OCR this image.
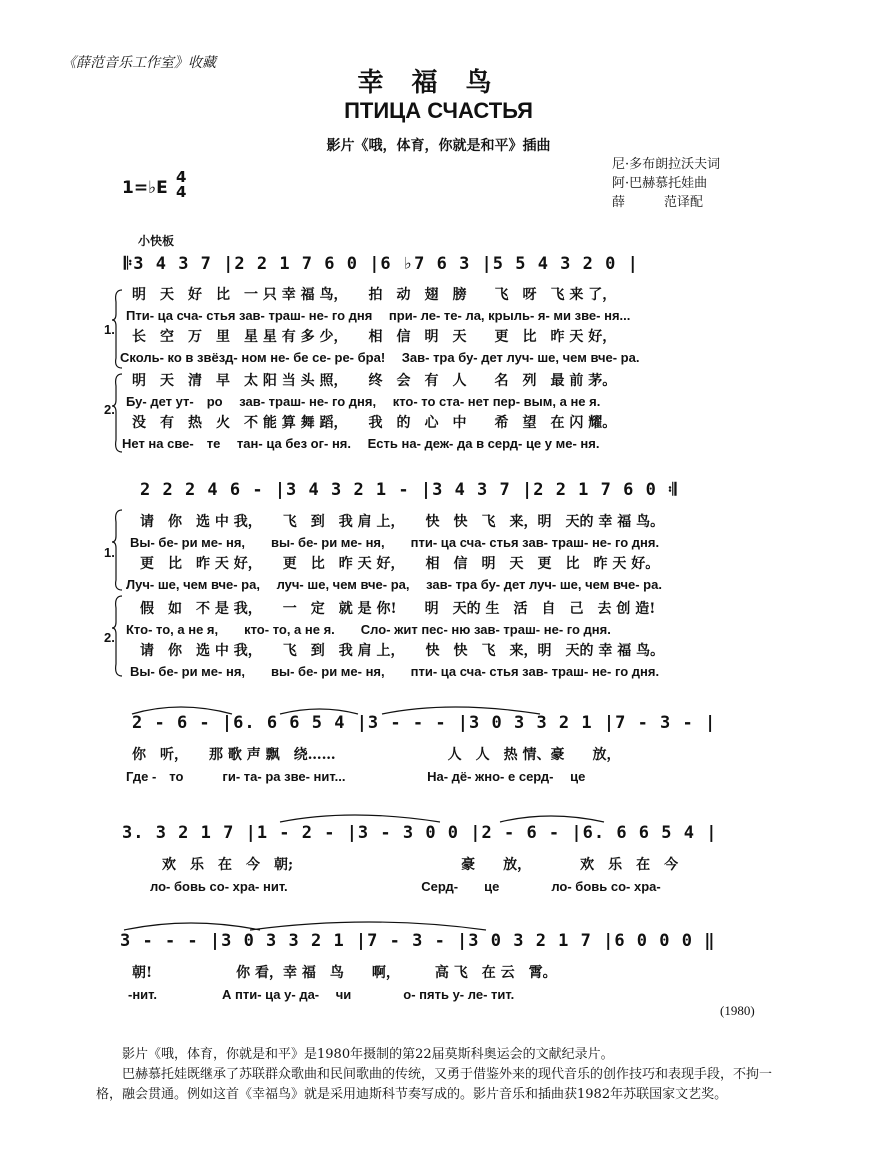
《薛范音乐工作室》收藏
幸福鸟
ПТИЦА СЧАСТЬЯ
影片《哦，体育，你就是和平》插曲
尼·多布朗拉沃夫词
阿·巴赫慕托娃曲
薛　　　范译配
1=♭E
4
4
小快板
𝄆3 4 3 7 |2 2 1 7 6 0 |6 ♭7 6 3 |5 5 4 3 2 0 |
1.
明　天　好　比　一 只 幸 福 鸟，　　拍　动　翅　膀　　飞　呀　飞 来 了，
Пти- ца сча- стья зав- траш- не- го дня　 при- ле- те- ла, крыль- я- ми зве- ня...
长　空　万　里　星 星 有 多 少，　　相　信　明　天　　更　比　昨 天 好，
Сколь- ко в звёзд- ном не- бе се- ре- бра!　 Зав- тра бу- дет луч- ше, чем вче- ра.
2.
明　天　清　早　太 阳 当 头 照，　　终　会　有　人　　名　列　最 前 茅。
Бу- дет ут-　ро　 зав- траш- не- го дня,　 кто- то ста- нет пер- вым, а не я.
没　有　热　火　不 能 算 舞 蹈，　　我　的　心　中　　希　望　在 闪 耀。
Нет на све-　те　 тан- ца без ог- ня.　 Есть на- деж- да в серд- це у ме- ня.
2 2 2 4 6 - |3 4 3 2 1 - |3 4 3 7 |2 2 1 7 6 0 𝄇
1.
请　你　选 中 我，　　飞　到　我 肩 上，　　快　快　飞　来，明　天的 幸 福 鸟。
Вы- бе- ри ме- ня,　　вы- бе- ри ме- ня,　　пти- ца сча- стья зав- траш- не- го дня.
更　比　昨 天 好，　　更　比　昨 天 好，　　相　信　明　天　更　比　昨 天 好。
Луч- ше, чем вче- ра,　 луч- ше, чем вче- ра,　 зав- тра бу- дет луч- ше, чем вче- ра.
2.
假　如　不 是 我，　　一　定　就 是 你!　　明　天的 生　活　自　己　去 创 造!
Кто- то, а не я,　　кто- то, а не я.　　Сло- жит пес- ню зав- траш- не- го дня.
请　你　选 中 我，　　飞　到　我 肩 上，　　快　快　飞　来，明　天的 幸 福 鸟。
Вы- бе- ри ме- ня,　　вы- бе- ри ме- ня,　　пти- ца сча- стья зав- траш- не- го дня.
2 - 6 - |6. 6 6 5 4 |3 - - - |3 0 3 3 2 1 |7 - 3 - |
你　听，　　那 歌 声 飘　绕……　　　　　　　　人　人　热 情、豪　　放，
Где -　то　　　ги- та- ра зве- нит...　　　　　　 На- дё- жно- е серд-　 це
3. 3 2 1 7 |1 - 2 - |3 - 3 0 0 |2 - 6 - |6. 6 6 5 4 |
欢　乐　在　今　朝;　　　　　　　　　　　　豪　　放，　　　　欢　乐　在　今
ло- бовь со- хра- нит.　　　　　　　　　　 Серд-　　це　　　　ло- бовь со- хра-
3 - - - |3 0 3 3 2 1 |7 - 3 - |3 0 3 2 1 7 |6 0 0 0 ‖
朝!　　　　　　你 看，幸 福　鸟　　啊，　　　高 飞　在 云　霄。
-нит.　　　　　А пти- ца у- да-　 чи　　　　о- пять у- ле- тит.
(1980)

影片《哦，体育，你就是和平》是1980年摄制的第22届莫斯科奥运会的文献纪录片。

巴赫慕托娃既继承了苏联群众歌曲和民间歌曲的传统，又勇于借鉴外来的现代音乐的创作技巧和表现手段，不拘一格，融会贯通。例如这首《幸福鸟》就是采用迪斯科节奏写成的。影片音乐和插曲获1982年苏联国家文艺奖。
